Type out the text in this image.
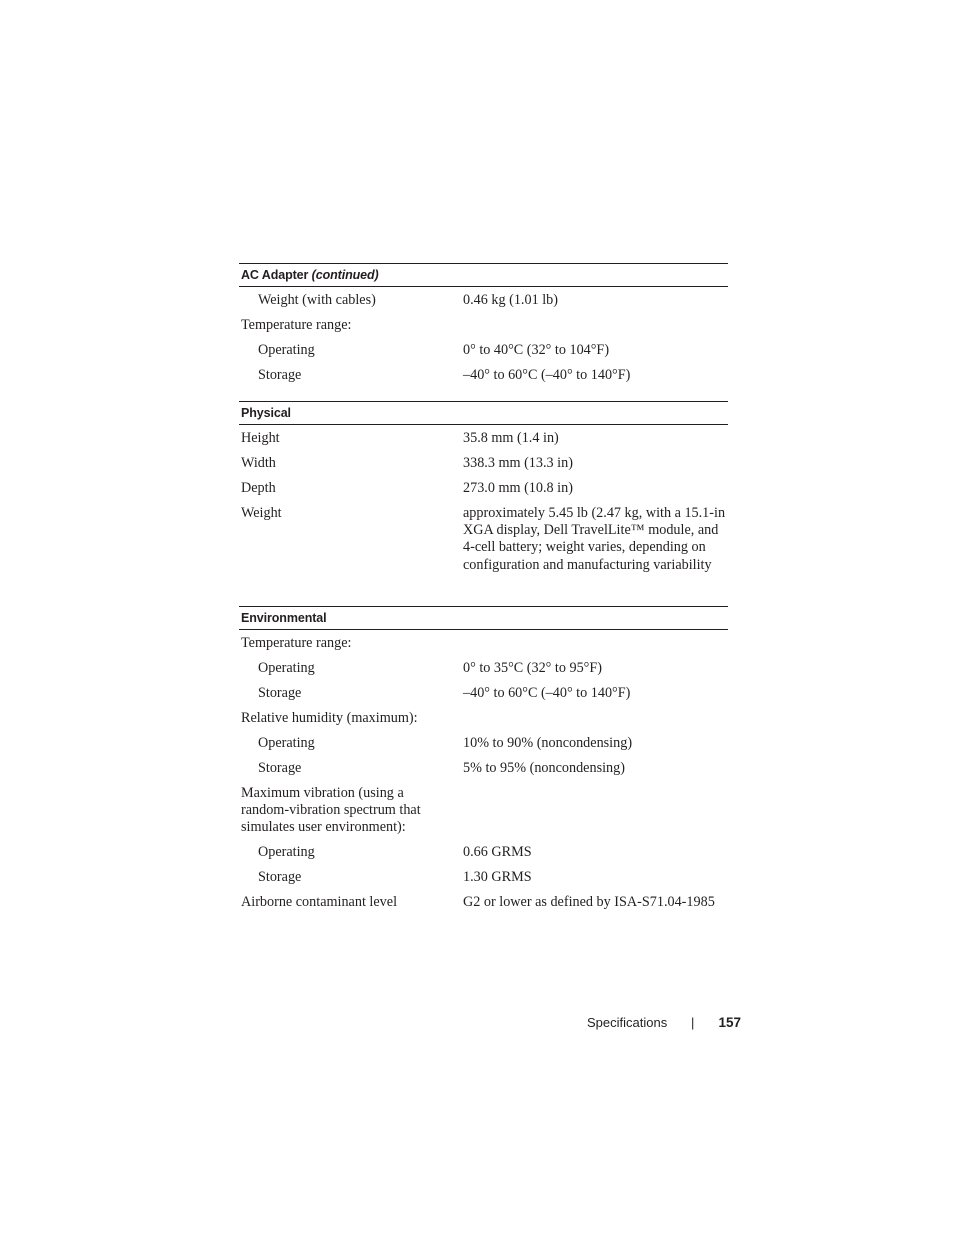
AC Adapter (continued)
Weight (with cables)	0.46 kg (1.01 lb)
Temperature range:
Operating	0° to 40°C (32° to 104°F)
Storage	–40° to 60°C (–40° to 140°F)
Physical
Height	35.8 mm (1.4 in)
Width	338.3 mm (13.3 in)
Depth	273.0 mm (10.8 in)
Weight	approximately 5.45 lb (2.47 kg, with a 15.1-in XGA display, Dell TravelLite™ module, and 4-cell battery; weight varies, depending on configuration and manufacturing variability
Environmental
Temperature range:
Operating	0° to 35°C (32° to 95°F)
Storage	–40° to 60°C (–40° to 140°F)
Relative humidity (maximum):
Operating	10% to 90% (noncondensing)
Storage	5% to 95% (noncondensing)
Maximum vibration (using a random-vibration spectrum that simulates user environment):
Operating	0.66 GRMS
Storage	1.30 GRMS
Airborne contaminant level	G2 or lower as defined by ISA-S71.04-1985
Specifications | 157
